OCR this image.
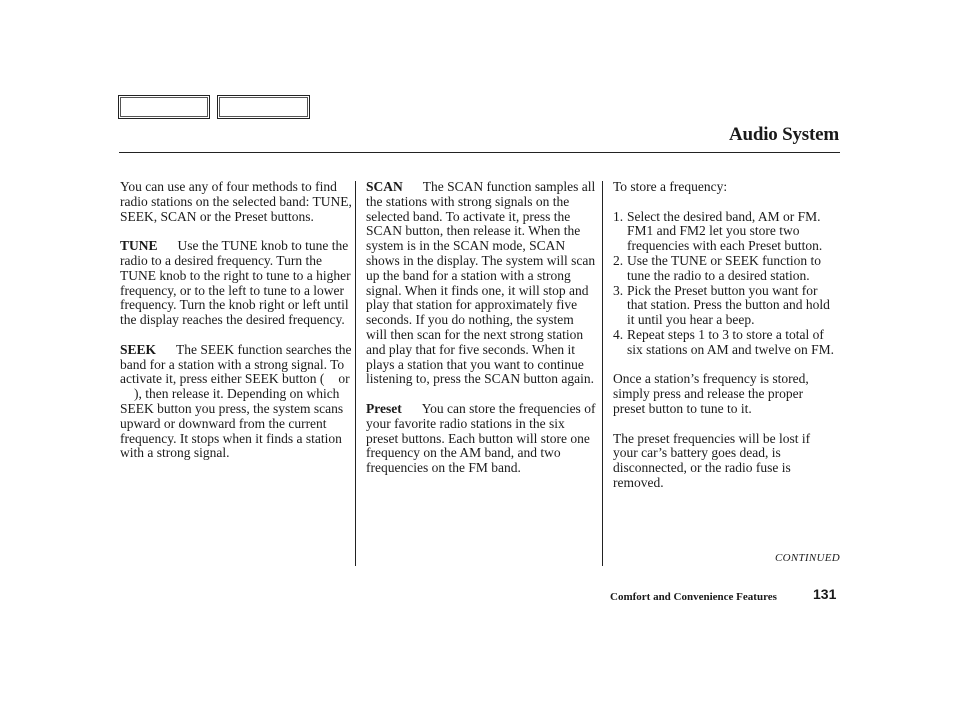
Audio System

You can use any of four methods to find radio stations on the selected band: TUNE, SEEK, SCAN or the Preset buttons.

TUNE Use the TUNE knob to tune the radio to a desired frequency. Turn the TUNE knob to the right to tune to a higher frequency, or to the left to tune to a lower frequency. Turn the knob right or left until the display reaches the desired frequency.

SEEK The SEEK function searches the band for a station with a strong signal. To activate it, press either SEEK button ( or), then release it. Depending on which SEEK button you press, the system scans upward or downward from the current frequency. It stops when it finds a station with a strong signal.

SCAN The SCAN function samples all the stations with strong signals on the selected band. To activate it, press the SCAN button, then release it. When the system is in the SCAN mode, SCAN shows in the display. The system will scan up the band for a station with a strong signal. When it finds one, it will stop and play that station for approximately five seconds. If you do nothing, the system will then scan for the next strong station and play that for five seconds. When it plays a station that you want to continue listening to, press the SCAN button again.

Preset You can store the frequencies of your favorite radio stations in the six preset buttons. Each button will store one frequency on the AM band, and two frequencies on the FM band.

To store a frequency:

1. Select the desired band, AM or FM. FM1 and FM2 let you store two frequencies with each Preset button.
2. Use the TUNE or SEEK function to tune the radio to a desired station.
3. Pick the Preset button you want for that station. Press the button and hold it until you hear a beep.
4. Repeat steps 1 to 3 to store a total of six stations on AM and twelve on FM.

Once a station’s frequency is stored, simply press and release the proper preset button to tune to it.

The preset frequencies will be lost if your car’s battery goes dead, is disconnected, or the radio fuse is removed.

CONTINUED
Comfort and Convenience Features	131
